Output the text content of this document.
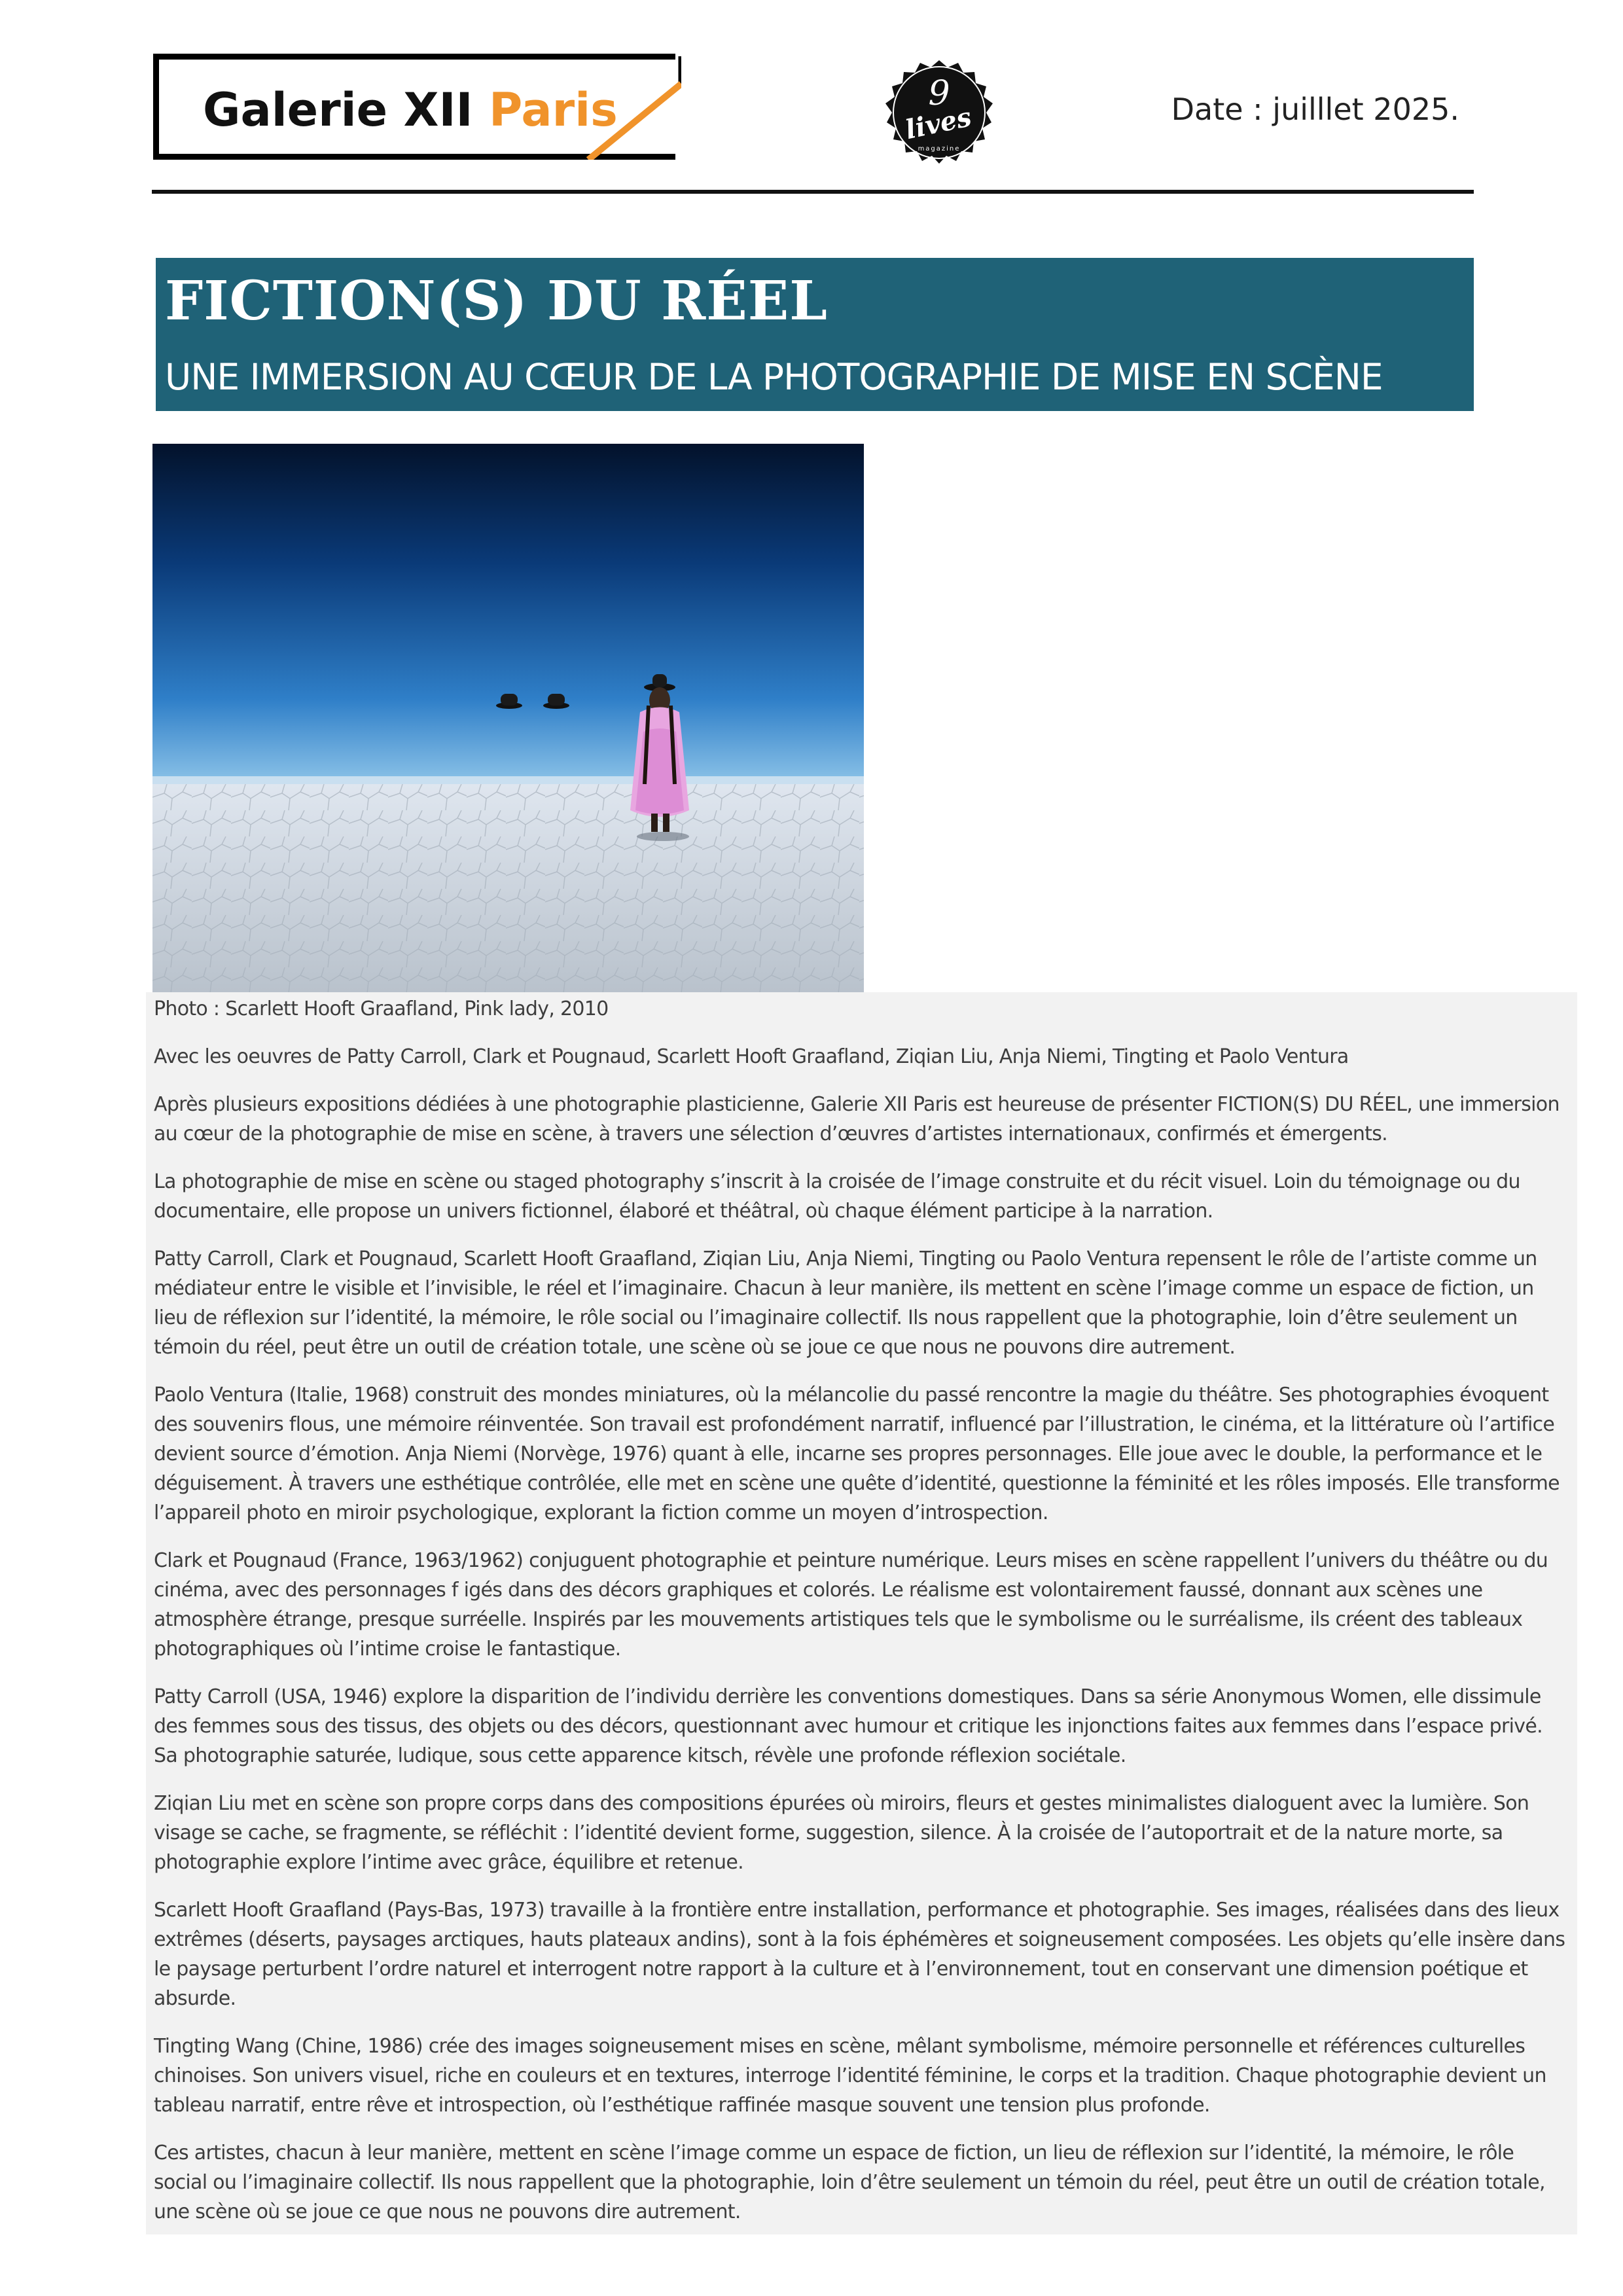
Galerie XII Paris	9
lives
magazine
Date : juilllet 2025.
FICTION(S) DU RÉEL
UNE IMMERSION AU CŒUR DE LA PHOTOGRAPHIE DE MISE EN SCÈNE

Photo : Scarlett Hooft Graafland, Pink lady, 2010

Avec les oeuvres de Patty Carroll, Clark et Pougnaud, Scarlett Hooft Graafland, Ziqian Liu, Anja Niemi, Tingting et Paolo Ventura

Après plusieurs expositions dédiées à une photographie plasticienne, Galerie XII Paris est heureuse de présenter FICTION(S) DU RÉEL, une immersion au cœur de la photographie de mise en scène, à travers une sélection d’œuvres d’artistes internationaux, confirmés et émergents.

La photographie de mise en scène ou staged photography s’inscrit à la croisée de l’image construite et du récit visuel. Loin du témoignage ou du documentaire, elle propose un univers fictionnel, élaboré et théâtral, où chaque élément participe à la narration.

Patty Carroll, Clark et Pougnaud, Scarlett Hooft Graafland, Ziqian Liu, Anja Niemi, Tingting ou Paolo Ventura repensent le rôle de l’artiste comme un médiateur entre le visible et l’invisible, le réel et l’imaginaire. Chacun à leur manière, ils mettent en scène l’image comme un espace de fiction, un lieu de réflexion sur l’identité, la mémoire, le rôle social ou l’imaginaire collectif. Ils nous rappellent que la photographie, loin d’être seulement un témoin du réel, peut être un outil de création totale, une scène où se joue ce que nous ne pouvons dire autrement.

Paolo Ventura (Italie, 1968) construit des mondes miniatures, où la mélancolie du passé rencontre la magie du théâtre. Ses photographies évoquent des souvenirs flous, une mémoire réinventée. Son travail est profondément narratif, influencé par l’illustration, le cinéma, et la littérature où l’artifice devient source d’émotion. Anja Niemi (Norvège, 1976) quant à elle, incarne ses propres personnages. Elle joue avec le double, la performance et le déguisement. À travers une esthétique contrôlée, elle met en scène une quête d’identité, questionne la féminité et les rôles imposés. Elle transforme l’appareil photo en miroir psychologique, explorant la fiction comme un moyen d’introspection.

Clark et Pougnaud (France, 1963/1962) conjuguent photographie et peinture numérique. Leurs mises en scène rappellent l’univers du théâtre ou du cinéma, avec des personnages f igés dans des décors graphiques et colorés. Le réalisme est volontairement faussé, donnant aux scènes une atmosphère étrange, presque surréelle. Inspirés par les mouvements artistiques tels que le symbolisme ou le surréalisme, ils créent des tableaux photographiques où l’intime croise le fantastique.

Patty Carroll (USA, 1946) explore la disparition de l’individu derrière les conventions domestiques. Dans sa série Anonymous Women, elle dissimule des femmes sous des tissus, des objets ou des décors, questionnant avec humour et critique les injonctions faites aux femmes dans l’espace privé. Sa photographie saturée, ludique, sous cette apparence kitsch, révèle une profonde réflexion sociétale.

Ziqian Liu met en scène son propre corps dans des compositions épurées où miroirs, fleurs et gestes minimalistes dialoguent avec la lumière. Son visage se cache, se fragmente, se réfléchit : l’identité devient forme, suggestion, silence. À la croisée de l’autoportrait et de la nature morte, sa photographie explore l’intime avec grâce, équilibre et retenue.

Scarlett Hooft Graafland (Pays-Bas, 1973) travaille à la frontière entre installation, performance et photographie. Ses images, réalisées dans des lieux extrêmes (déserts, paysages arctiques, hauts plateaux andins), sont à la fois éphémères et soigneusement composées. Les objets qu’elle insère dans le paysage perturbent l’ordre naturel et interrogent notre rapport à la culture et à l’environnement, tout en conservant une dimension poétique et absurde.

Tingting Wang (Chine, 1986) crée des images soigneusement mises en scène, mêlant symbolisme, mémoire personnelle et références culturelles chinoises. Son univers visuel, riche en couleurs et en textures, interroge l’identité féminine, le corps et la tradition. Chaque photographie devient un tableau narratif, entre rêve et introspection, où l’esthétique raffinée masque souvent une tension plus profonde.

Ces artistes, chacun à leur manière, mettent en scène l’image comme un espace de fiction, un lieu de réflexion sur l’identité, la mémoire, le rôle social ou l’imaginaire collectif. Ils nous rappellent que la photographie, loin d’être seulement un témoin du réel, peut être un outil de création totale, une scène où se joue ce que nous ne pouvons dire autrement.
